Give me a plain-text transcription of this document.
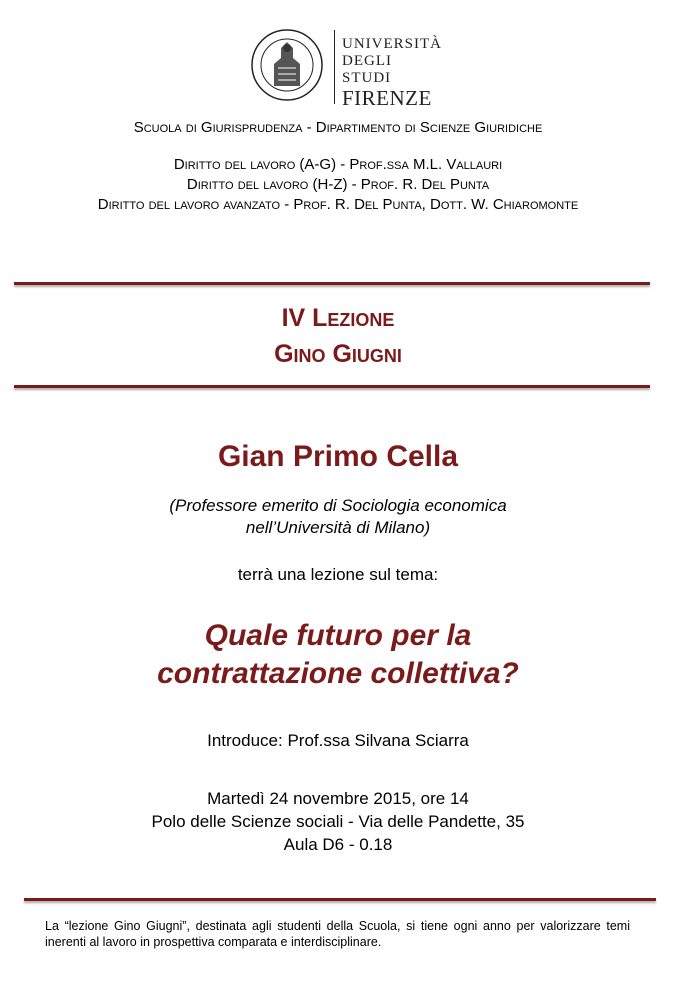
UNIVERSITÀ
DEGLI STUDI
FIRENZE
Scuola di Giurisprudenza - Dipartimento di Scienze Giuridiche
Diritto del lavoro (A-G) - Prof.ssa M.L. Vallauri
Diritto del lavoro (H-Z) - Prof. R. Del Punta
Diritto del lavoro avanzato - Prof. R. Del Punta, Dott. W. Chiaromonte
IV Lezione
Gino Giugni
Gian Primo Cella
(Professore emerito di Sociologia economica
nell’Università di Milano)
terrà una lezione sul tema:
Quale futuro per la
contrattazione collettiva?
Introduce: Prof.ssa Silvana Sciarra
Martedì 24 novembre 2015, ore 14
Polo delle Scienze sociali - Via delle Pandette, 35
Aula D6 - 0.18
La “lezione Gino Giugni”, destinata agli studenti della Scuola, si tiene ogni anno per valorizzare temi inerenti al lavoro in prospettiva comparata e interdisciplinare.
